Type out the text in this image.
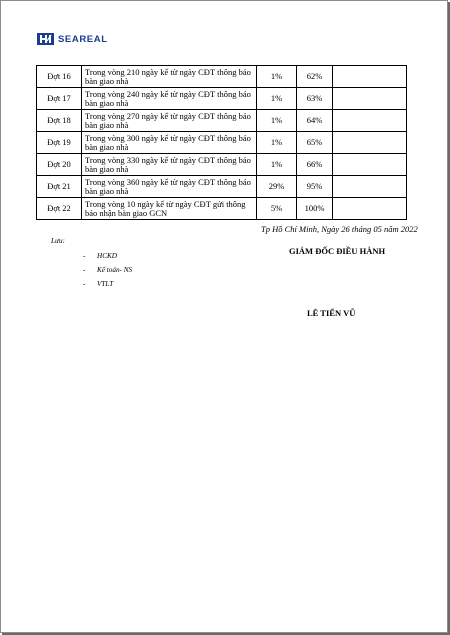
SEAREAL
Đợt 16	Trong vòng 210 ngày kể từ ngày CĐT thông báo bàn giao nhà	1%	62%	
Đợt 17	Trong vòng 240 ngày kể từ ngày CĐT thông báo bàn giao nhà	1%	63%	
Đợt 18	Trong vòng 270 ngày kể từ ngày CĐT thông báo bàn giao nhà	1%	64%	
Đợt 19	Trong vòng 300 ngày kể từ ngày CĐT thông báo bàn giao nhà	1%	65%	
Đợt 20	Trong vòng 330 ngày kể từ ngày CĐT thông báo bàn giao nhà	1%	66%	
Đợt 21	Trong vòng 360 ngày kể từ ngày CĐT thông báo bàn giao nhà	29%	95%	
Đợt 22	Trong vòng 10 ngày kể từ ngày CĐT gửi thông báo nhận bàn giao GCN	5%	100%	
Tp Hồ Chí Minh, Ngày 26 tháng 05 năm 2022
Lưu:
-	HCKD
-	Kế toán- NS
-	VTLT
GIÁM ĐỐC ĐIỀU HÀNH
LÊ TIẾN VŨ
